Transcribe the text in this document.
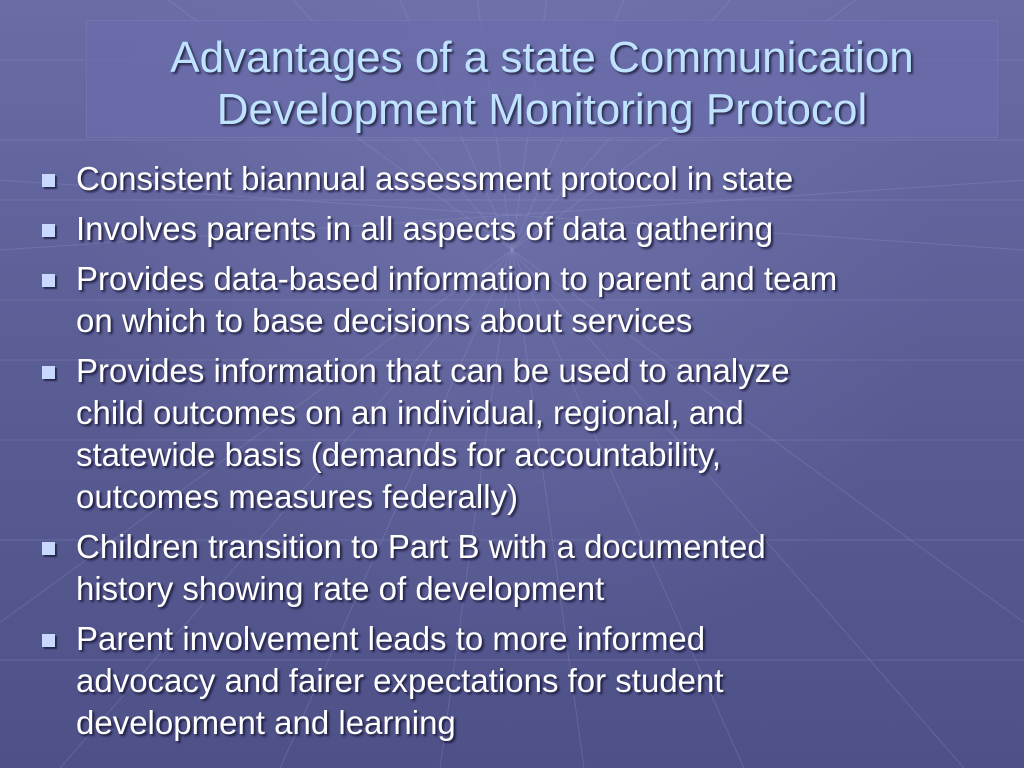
Advantages of a state Communication
Development Monitoring Protocol
Consistent biannual assessment protocol in state
Involves parents in all aspects of data gathering
Provides data-based information to parent and team
on which to base decisions about services
Provides information that can be used to analyze
child outcomes on an individual, regional, and
statewide basis (demands for accountability,
outcomes measures federally)
Children transition to Part B with a documented
history showing rate of development
Parent involvement leads to more informed
advocacy and fairer expectations for student
development and learning
